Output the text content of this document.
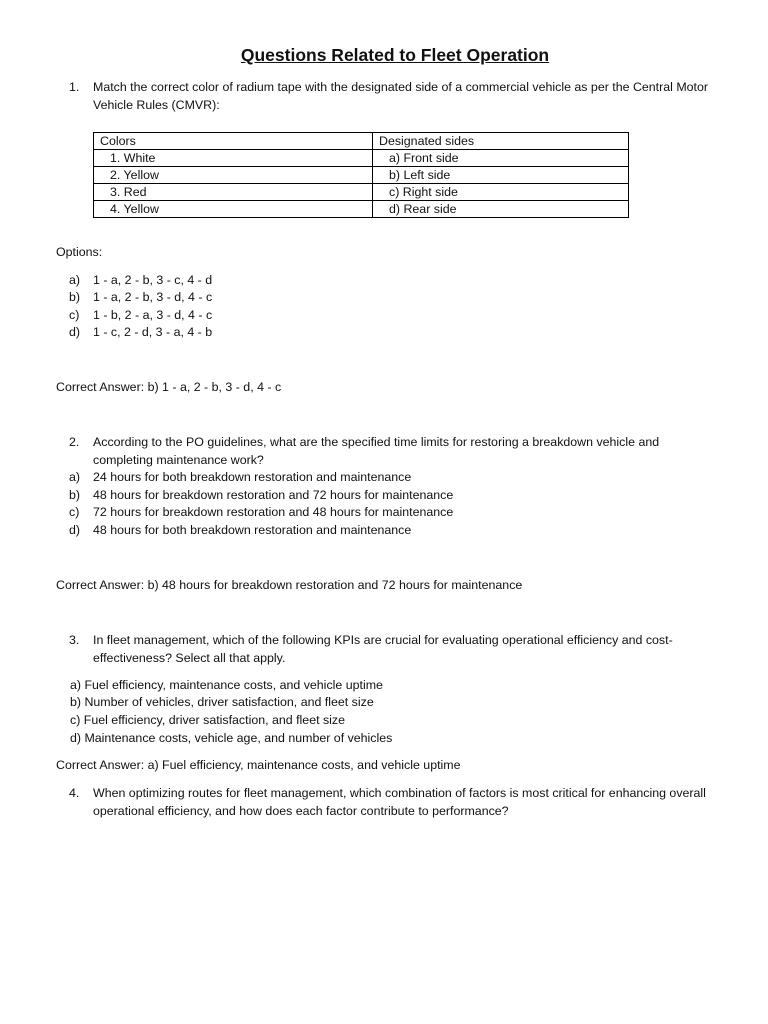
Questions Related to Fleet Operation
1. Match the correct color of radium tape with the designated side of a commercial vehicle as per the Central Motor Vehicle Rules (CMVR):
Colors	Designated sides
1. White	a) Front side
2. Yellow	b) Left side
3. Red	c) Right side
4. Yellow	d) Rear side
Options:
a) 1 - a, 2 - b, 3 - c, 4 - d
b) 1 - a, 2 - b, 3 - d, 4 - c
c) 1 - b, 2 - a, 3 - d, 4 - c
d) 1 - c, 2 - d, 3 - a, 4 - b
Correct Answer: b) 1 - a, 2 - b, 3 - d, 4 - c
2. According to the PO guidelines, what are the specified time limits for restoring a breakdown vehicle and completing maintenance work?
a) 24 hours for both breakdown restoration and maintenance
b) 48 hours for breakdown restoration and 72 hours for maintenance
c) 72 hours for breakdown restoration and 48 hours for maintenance
d) 48 hours for both breakdown restoration and maintenance
Correct Answer: b) 48 hours for breakdown restoration and 72 hours for maintenance
3. In fleet management, which of the following KPIs are crucial for evaluating operational efficiency and cost-effectiveness? Select all that apply.
a) Fuel efficiency, maintenance costs, and vehicle uptime
b) Number of vehicles, driver satisfaction, and fleet size
c) Fuel efficiency, driver satisfaction, and fleet size
d) Maintenance costs, vehicle age, and number of vehicles
Correct Answer: a) Fuel efficiency, maintenance costs, and vehicle uptime
4. When optimizing routes for fleet management, which combination of factors is most critical for enhancing overall operational efficiency, and how does each factor contribute to performance?
